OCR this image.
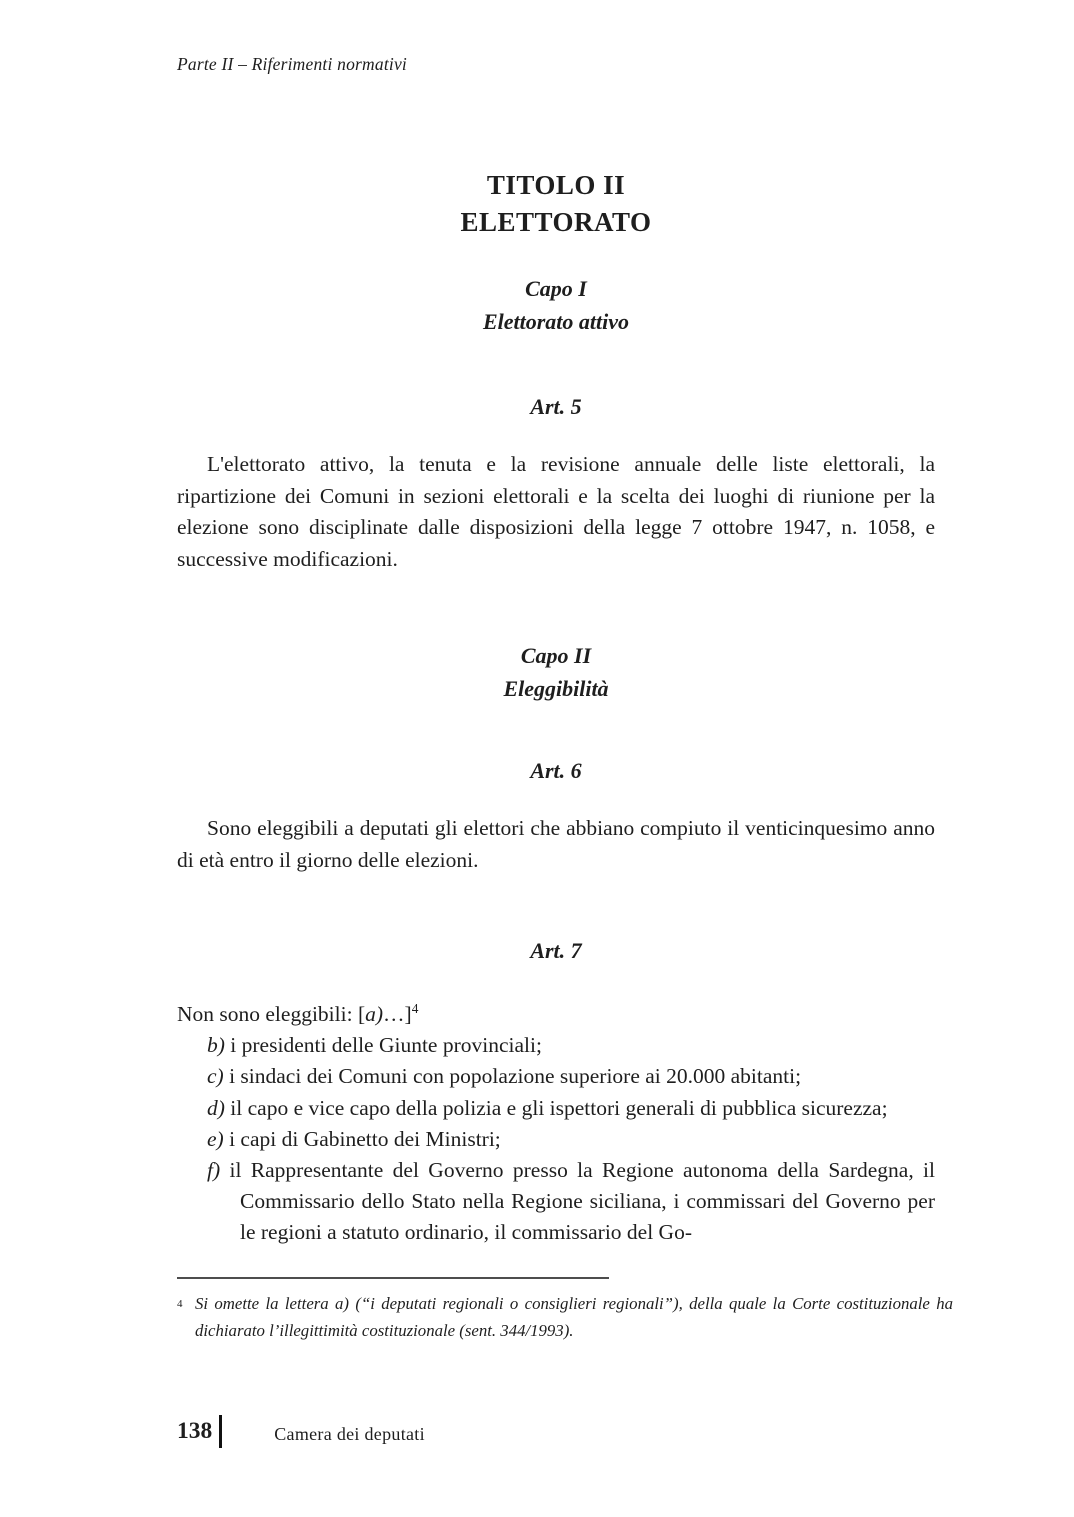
Parte II – Riferimenti normativi
TITOLO II
ELETTORATO
Capo I
Elettorato attivo
Art. 5
L'elettorato attivo, la tenuta e la revisione annuale delle liste elettorali, la ripartizione dei Comuni in sezioni elettorali e la scelta dei luoghi di riunione per la elezione sono disciplinate dalle disposizioni della legge 7 ottobre 1947, n. 1058, e successive modificazioni.
Capo II
Eleggibilità
Art. 6
Sono eleggibili a deputati gli elettori che abbiano compiuto il venticinquesimo anno di età entro il giorno delle elezioni.
Art. 7
Non sono eleggibili: [a)…]$^4$
b) i presidenti delle Giunte provinciali;
c) i sindaci dei Comuni con popolazione superiore ai 20.000 abitanti;
d) il capo e vice capo della polizia e gli ispettori generali di pubblica sicurezza;
e) i capi di Gabinetto dei Ministri;
f) il Rappresentante del Governo presso la Regione autonoma della Sardegna, il Commissario dello Stato nella Regione siciliana, i commissari del Governo per le regioni a statuto ordinario, il commissario del Go-
4 Si omette la lettera a) (“i deputati regionali o consiglieri regionali”), della quale la Corte costituzionale ha dichiarato l’illegittimità costituzionale (sent. 344/1993).
138	Camera dei deputati
